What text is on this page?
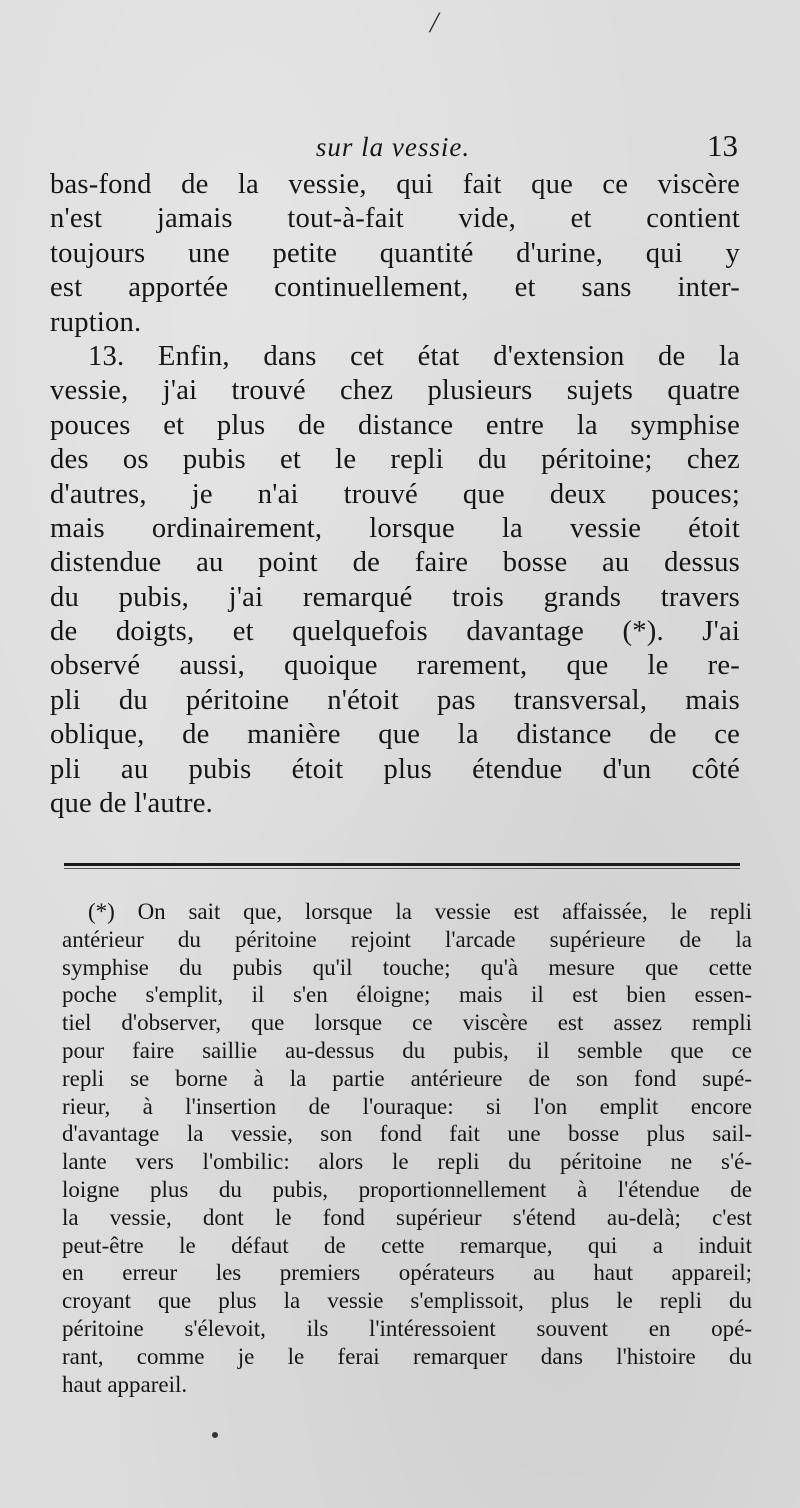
/
sur la vessie.	13
bas-fond de la vessie, qui fait que ce viscère
n'est jamais tout-à-fait vide, et contient
toujours une petite quantité d'urine, qui y
est apportée continuellement, et sans inter-
ruption.
13. Enfin, dans cet état d'extension de la
vessie, j'ai trouvé chez plusieurs sujets quatre
pouces et plus de distance entre la symphise
des os pubis et le repli du péritoine; chez
d'autres, je n'ai trouvé que deux pouces;
mais ordinairement, lorsque la vessie étoit
distendue au point de faire bosse au dessus
du pubis, j'ai remarqué trois grands travers
de doigts, et quelquefois davantage (*). J'ai
observé aussi, quoique rarement, que le re-
pli du péritoine n'étoit pas transversal, mais
oblique, de manière que la distance de ce
pli au pubis étoit plus étendue d'un côté
que de l'autre.
(*) On sait que, lorsque la vessie est affaissée, le repli
antérieur du péritoine rejoint l'arcade supérieure de la
symphise du pubis qu'il touche; qu'à mesure que cette
poche s'emplit, il s'en éloigne; mais il est bien essen-
tiel d'observer, que lorsque ce viscère est assez rempli
pour faire saillie au-dessus du pubis, il semble que ce
repli se borne à la partie antérieure de son fond supé-
rieur, à l'insertion de l'ouraque: si l'on emplit encore
d'avantage la vessie, son fond fait une bosse plus sail-
lante vers l'ombilic: alors le repli du péritoine ne s'é-
loigne plus du pubis, proportionnellement à l'étendue de
la vessie, dont le fond supérieur s'étend au-delà; c'est
peut-être le défaut de cette remarque, qui a induit
en erreur les premiers opérateurs au haut appareil;
croyant que plus la vessie s'emplissoit, plus le repli du
péritoine s'élevoit, ils l'intéressoient souvent en opé-
rant, comme je le ferai remarquer dans l'histoire du
haut appareil.
